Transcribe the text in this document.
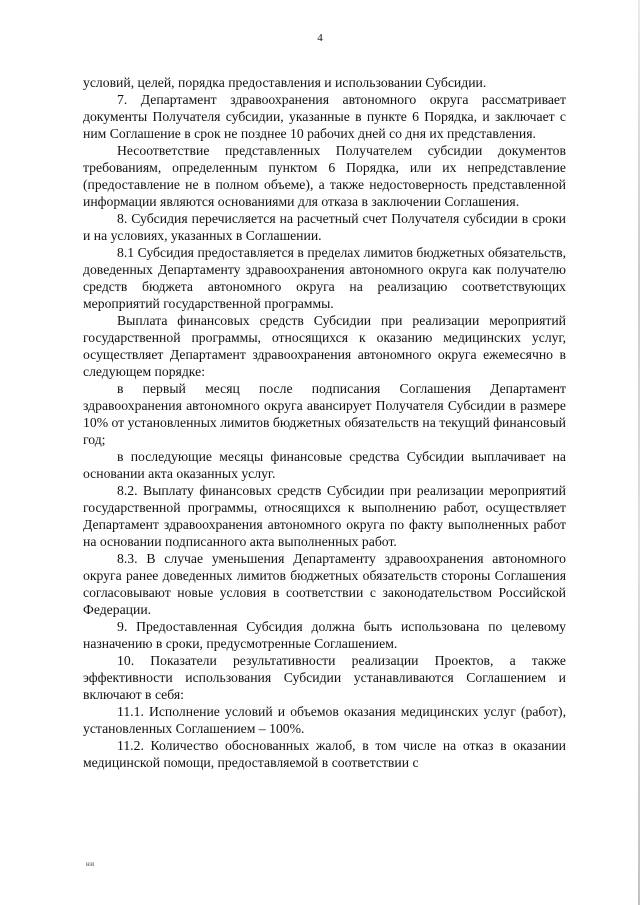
4

условий, целей, порядка предоставления и использовании Субсидии.

7. Департамент здравоохранения автономного округа рассматривает документы Получателя субсидии, указанные в пункте 6 Порядка, и заключает с ним Соглашение в срок не позднее 10 рабочих дней со дня их представления.

Несоответствие представленных Получателем субсидии документов требованиям, определенным пунктом 6 Порядка, или их непредставление (предоставление не в полном объеме), а также недостоверность представленной информации являются основаниями для отказа в заключении Соглашения.

8. Субсидия перечисляется на расчетный счет Получателя субсидии в сроки и на условиях, указанных в Соглашении.

8.1 Субсидия предоставляется в пределах лимитов бюджетных обязательств, доведенных Департаменту здравоохранения автономного округа как получателю средств бюджета автономного округа на реализацию соответствующих мероприятий государственной программы.

Выплата финансовых средств Субсидии при реализации мероприятий государственной программы, относящихся к оказанию медицинских услуг, осуществляет Департамент здравоохранения автономного округа ежемесячно в следующем порядке:

в первый месяц после подписания Соглашения Департамент здравоохранения автономного округа авансирует Получателя Субсидии в размере 10% от установленных лимитов бюджетных обязательств на текущий финансовый год;

в последующие месяцы финансовые средства Субсидии выплачивает на основании акта оказанных услуг.

8.2. Выплату финансовых средств Субсидии при реализации мероприятий государственной программы, относящихся к выполнению работ, осуществляет Департамент здравоохранения автономного округа по факту выполненных работ на основании подписанного акта выполненных работ.

8.3. В случае уменьшения Департаменту здравоохранения автономного округа ранее доведенных лимитов бюджетных обязательств стороны Соглашения согласовывают новые условия в соответствии с законодательством Российской Федерации.

9. Предоставленная Субсидия должна быть использована по целевому назначению в сроки, предусмотренные Соглашением.

10. Показатели результативности реализации Проектов, а также эффективности использования Субсидии устанавливаются Соглашением и включают в себя:

11.1. Исполнение условий и объемов оказания медицинских услуг (работ), установленных Соглашением – 100%.

11.2. Количество обоснованных жалоб, в том числе на отказ в оказании медицинской помощи, предоставляемой в соответствии с

ни
